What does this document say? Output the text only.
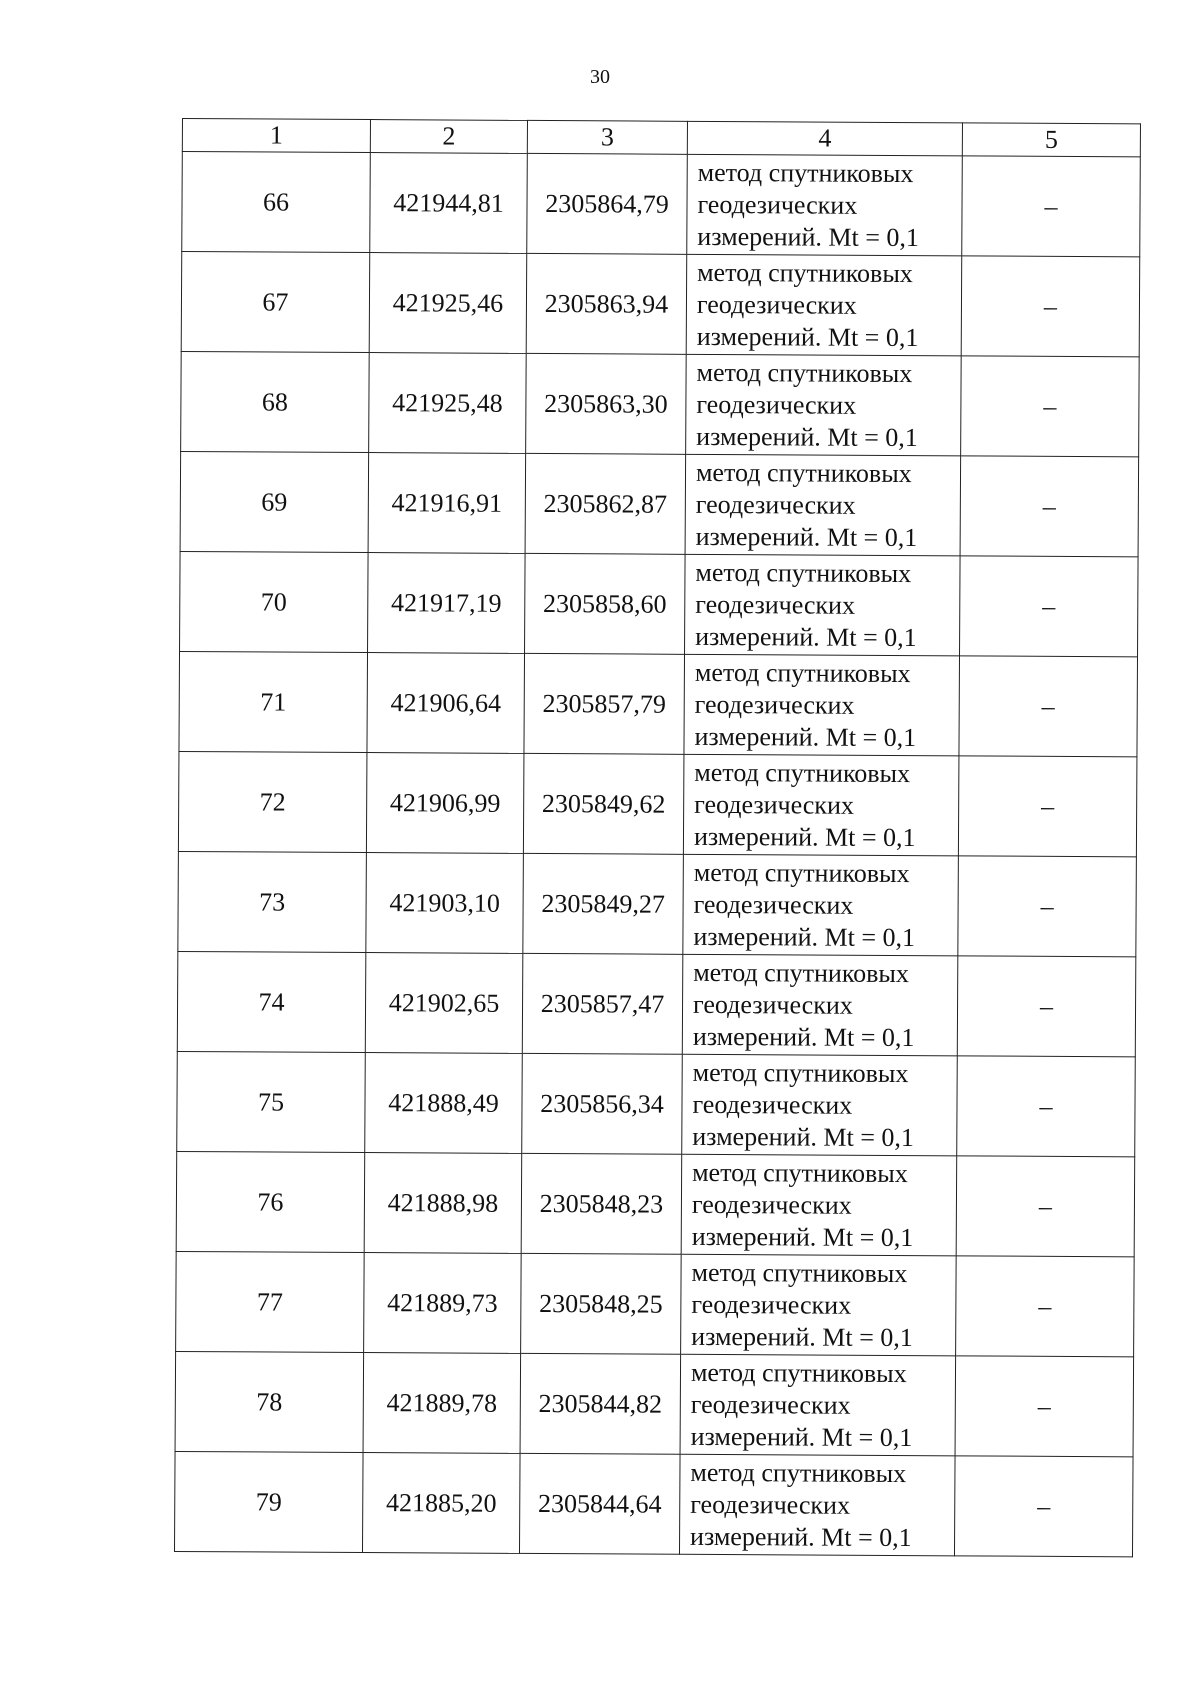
30
1	2	3	4	5
66	421944,81	2305864,79	метод спутниковых
геодезических
измерений. Mt = 0,1	–
67	421925,46	2305863,94	метод спутниковых
геодезических
измерений. Mt = 0,1	–
68	421925,48	2305863,30	метод спутниковых
геодезических
измерений. Mt = 0,1	–
69	421916,91	2305862,87	метод спутниковых
геодезических
измерений. Mt = 0,1	–
70	421917,19	2305858,60	метод спутниковых
геодезических
измерений. Mt = 0,1	–
71	421906,64	2305857,79	метод спутниковых
геодезических
измерений. Mt = 0,1	–
72	421906,99	2305849,62	метод спутниковых
геодезических
измерений. Mt = 0,1	–
73	421903,10	2305849,27	метод спутниковых
геодезических
измерений. Mt = 0,1	–
74	421902,65	2305857,47	метод спутниковых
геодезических
измерений. Mt = 0,1	–
75	421888,49	2305856,34	метод спутниковых
геодезических
измерений. Mt = 0,1	–
76	421888,98	2305848,23	метод спутниковых
геодезических
измерений. Mt = 0,1	–
77	421889,73	2305848,25	метод спутниковых
геодезических
измерений. Mt = 0,1	–
78	421889,78	2305844,82	метод спутниковых
геодезических
измерений. Mt = 0,1	–
79	421885,20	2305844,64	метод спутниковых
геодезических
измерений. Mt = 0,1	–
